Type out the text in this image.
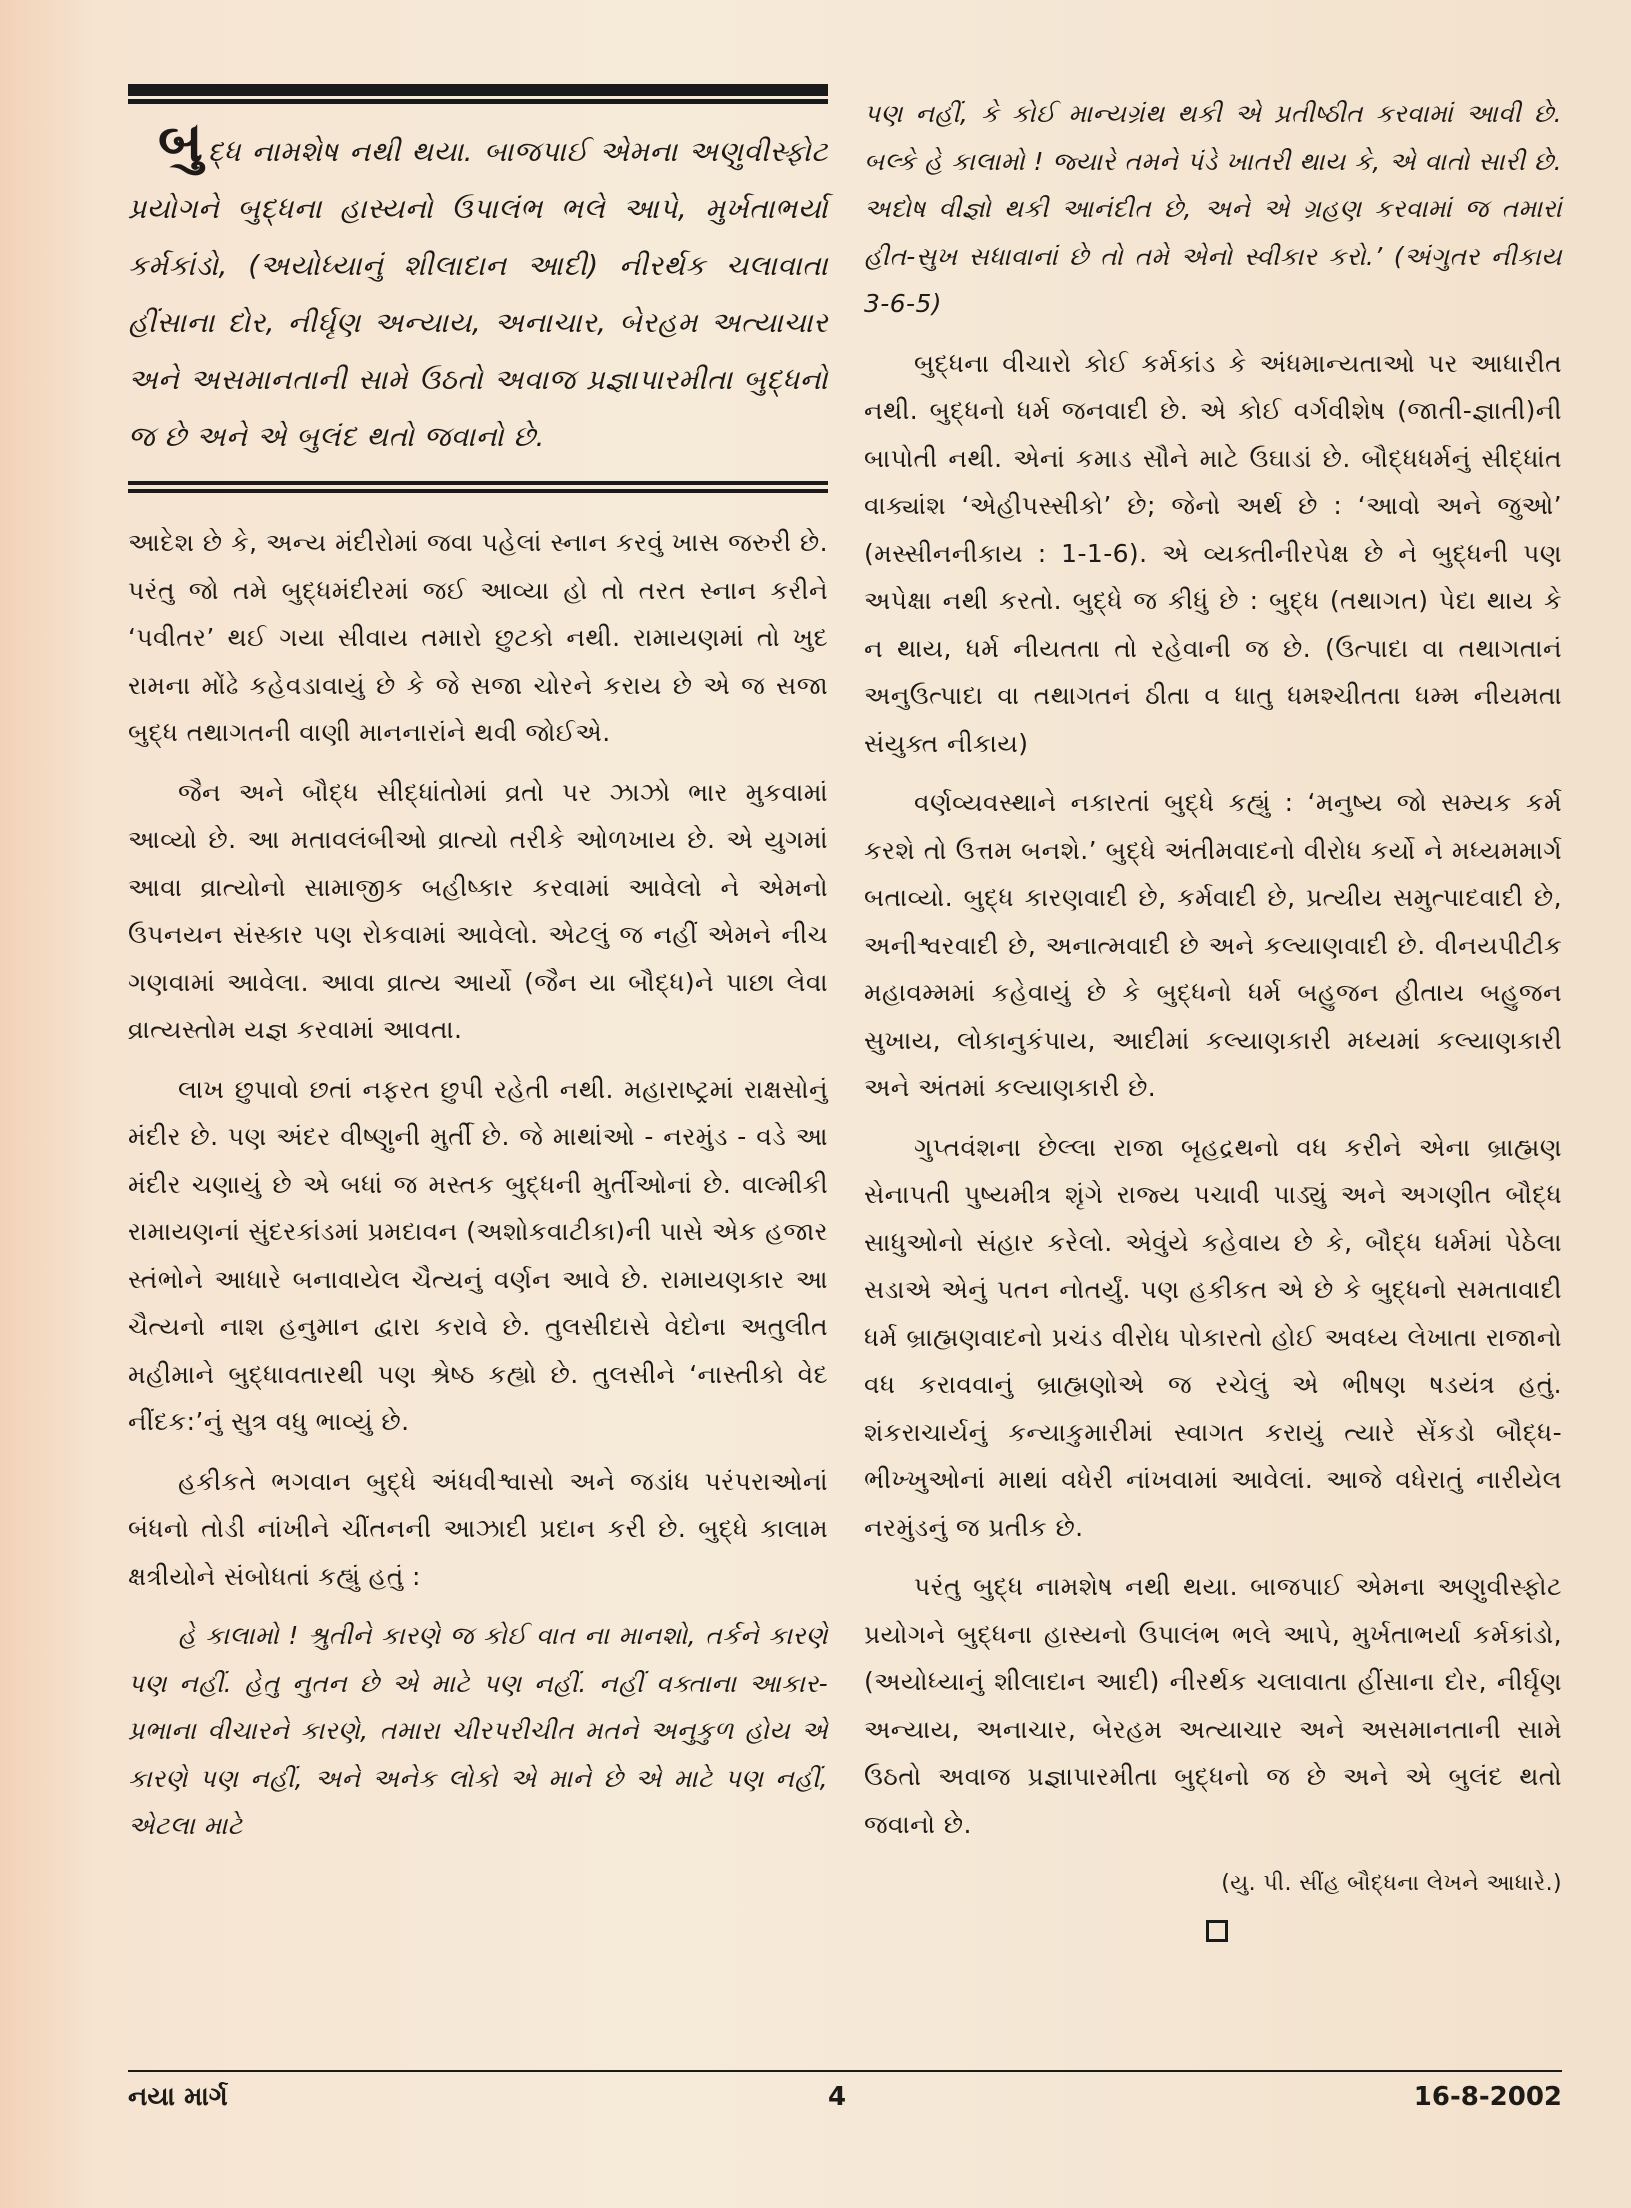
બુદ્ધ નામશેષ નથી થયા. બાજપાઈ એમના અણુવીસ્ફોટ પ્રયોગને બુદ્ધના હાસ્યનો ઉપાલંભ ભલે આપે, મુર્ખતાભર્યા કર્મકાંડો, (અયોધ્યાનું શીલાદાન આદી) નીરર્થક ચલાવાતા હીંસાના દોર, નીર્ઘૃણ અન્યાય, અનાચાર, બેરહમ અત્યાચાર અને અસમાનતાની સામે ઉઠતો અવાજ પ્રજ્ઞાપારમીતા બુદ્ધનો જ છે અને એ બુલંદ થતો જવાનો છે.

આદેશ છે કે, અન્ય મંદીરોમાં જવા પહેલાં સ્નાન કરવું ખાસ જરુરી છે. પરંતુ જો તમે બુદ્ધમંદીરમાં જઈ આવ્યા હો તો તરત સ્નાન કરીને ‘પવીતર’ થઈ ગયા સીવાય તમારો છુટકો નથી. રામાયણમાં તો ખુદ રામના મોંઢે કહેવડાવાયું છે કે જે સજા ચોરને કરાય છે એ જ સજા બુદ્ધ તથાગતની વાણી માનનારાંને થવી જોઈએ.

જૈન અને બૌદ્ધ સીદ્ધાંતોમાં વ્રતો પર ઝાઝો ભાર મુકવામાં આવ્યો છે. આ મતાવલંબીઓ વ્રાત્યો તરીકે ઓળખાય છે. એ યુગમાં આવા વ્રાત્યોનો સામાજીક બહીષ્કાર કરવામાં આવેલો ને એમનો ઉપનયન સંસ્કાર પણ રોકવામાં આવેલો. એટલું જ નહીં એમને નીચ ગણવામાં આવેલા. આવા વ્રાત્ય આર્યો (જૈન યા બૌદ્ધ)ને પાછા લેવા વ્રાત્યસ્તોમ યજ્ઞ કરવામાં આવતા.

લાખ છુપાવો છતાં નફરત છુપી રહેતી નથી. મહારાષ્ટ્રમાં રાક્ષસોનું મંદીર છે. પણ અંદર વીષ્ણુની મુર્તી છે. જે માથાંઓ - નરમુંડ - વડે આ મંદીર ચણાયું છે એ બધાં જ મસ્તક બુદ્ધની મુર્તીઓનાં છે. વાલ્મીકી રામાયણનાં સુંદરકાંડમાં પ્રમદાવન (અશોકવાટીકા)ની પાસે એક હજાર સ્તંભોને આધારે બનાવાયેલ ચૈત્યનું વર્ણન આવે છે. રામાયણકાર આ ચૈત્યનો નાશ હનુમાન દ્વારા કરાવે છે. તુલસીદાસે વેદોના અતુલીત મહીમાને બુદ્ધાવતારથી પણ શ્રેષ્ઠ કહ્યો છે. તુલસીને ‘નાસ્તીકો વેદ નીંદક:’નું સુત્ર વધુ ભાવ્યું છે.

હકીકતે ભગવાન બુદ્ધે અંધવીશ્વાસો અને જડાંધ પરંપરાઓનાં બંધનો તોડી નાંખીને ચીંતનની આઝાદી પ્રદાન કરી છે. બુદ્ધે કાલામ ક્ષત્રીયોને સંબોધતાં કહ્યું હતું :

હે કાલામો ! શ્રુતીને કારણે જ કોઈ વાત ના માનશો, તર્કને કારણે પણ નહીં. હેતુ નુતન છે એ માટે પણ નહીં. નહીં વક્તાના આકાર-પ્રભાના વીચારને કારણે, તમારા ચીરપરીચીત મતને અનુકુળ હોય એ કારણે પણ નહીં, અને અનેક લોકો એ માને છે એ માટે પણ નહીં, એટલા માટે

પણ નહીં, કે કોઈ માન્યગ્રંથ થકી એ પ્રતીષ્ઠીત કરવામાં આવી છે. બલ્કે હે કાલામો ! જ્યારે તમને પંડે ખાતરી થાય કે, એ વાતો સારી છે. અદોષ વીજ્ઞો થકી આનંદીત છે, અને એ ગ્રહણ કરવામાં જ તમારાં હીત-સુખ સધાવાનાં છે તો તમે એનો સ્વીકાર કરો.’ (અંગુતર નીકાય 3-6-5)

બુદ્ધના વીચારો કોઈ કર્મકાંડ કે અંધમાન્યતાઓ પર આધારીત નથી. બુદ્ધનો ધર્મ જનવાદી છે. એ કોઈ વર્ગવીશેષ (જાતી-જ્ઞાતી)ની બાપોતી નથી. એનાં કમાડ સૌને માટે ઉઘાડાં છે. બૌદ્ધધર્મનું સીદ્ધાંત વાક્યાંશ ‘એહીપસ્સીકો’ છે; જેનો અર્થ છે : ‘આવો અને જુઓ’ (મસ્સીનનીકાય : 1-1-6). એ વ્યક્તીનીરપેક્ષ છે ને બુદ્ધની પણ અપેક્ષા નથી કરતો. બુદ્ધે જ કીધું છે : બુદ્ધ (તથાગત) પેદા થાય કે ન થાય, ધર્મ નીયતતા તો રહેવાની જ છે. (ઉત્પાદા વા તથાગતાનં અનુઉત્પાદા વા તથાગતનં ઠીતા વ ધાતુ ધમશ્ચીતતા ધમ્મ નીયમતા સંયુક્ત નીકાય)

વર્ણવ્યવસ્થાને નકારતાં બુદ્ધે કહ્યું : ‘મનુષ્ય જો સમ્યક કર્મ કરશે તો ઉત્તમ બનશે.’ બુદ્ધે અંતીમવાદનો વીરોધ કર્યો ને મધ્યમમાર્ગ બતાવ્યો. બુદ્ધ કારણવાદી છે, કર્મવાદી છે, પ્રત્યીય સમુત્પાદવાદી છે, અનીશ્વરવાદી છે, અનાત્મવાદી છે અને કલ્યાણવાદી છે. વીનયપીટીક મહાવમ્મમાં કહેવાયું છે કે બુદ્ધનો ધર્મ બહુજન હીતાય બહુજન સુખાય, લોકાનુકંપાય, આદીમાં કલ્યાણકારી મધ્યમાં કલ્યાણકારી અને અંતમાં કલ્યાણકારી છે.

ગુપ્તવંશના છેલ્લા રાજા બૃહદ્રથનો વધ કરીને એના બ્રાહ્મણ સેનાપતી પુષ્યમીત્ર શૃંગે રાજ્ય પચાવી પાડ્યું અને અગણીત બૌદ્ધ સાધુઓનો સંહાર કરેલો. એવુંયે કહેવાય છે કે, બૌદ્ધ ધર્મમાં પેઠેલા સડાએ એનું પતન નોતર્યું. પણ હકીકત એ છે કે બુદ્ધનો સમતાવાદી ધર્મ બ્રાહ્મણવાદનો પ્રચંડ વીરોધ પોકારતો હોઈ અવધ્ય લેખાતા રાજાનો વધ કરાવવાનું બ્રાહ્મણોએ જ રચેલું એ ભીષણ ષડયંત્ર હતું. શંકરાચાર્યનું કન્યાકુમારીમાં સ્વાગત કરાયું ત્યારે સેંકડો બૌદ્ધ-ભીખ્ખુઓનાં માથાં વધેરી નાંખવામાં આવેલાં. આજે વધેરાતું નારીયેલ નરમુંડનું જ પ્રતીક છે.

પરંતુ બુદ્ધ નામશેષ નથી થયા. બાજપાઈ એમના અણુવીસ્ફોટ પ્રયોગને બુદ્ધના હાસ્યનો ઉપાલંભ ભલે આપે, મુર્ખતાભર્યા કર્મકાંડો, (અયોધ્યાનું શીલાદાન આદી) નીરર્થક ચલાવાતા હીંસાના દોર, નીર્ઘૃણ અન્યાય, અનાચાર, બેરહમ અત્યાચાર અને અસમાનતાની સામે ઉઠતો અવાજ પ્રજ્ઞાપારમીતા બુદ્ધનો જ છે અને એ બુલંદ થતો જવાનો છે.

(યુ. પી. સીંહ બૌદ્ધના લેખને આધારે.)

નયા માર્ગ	4	16-8-2002
